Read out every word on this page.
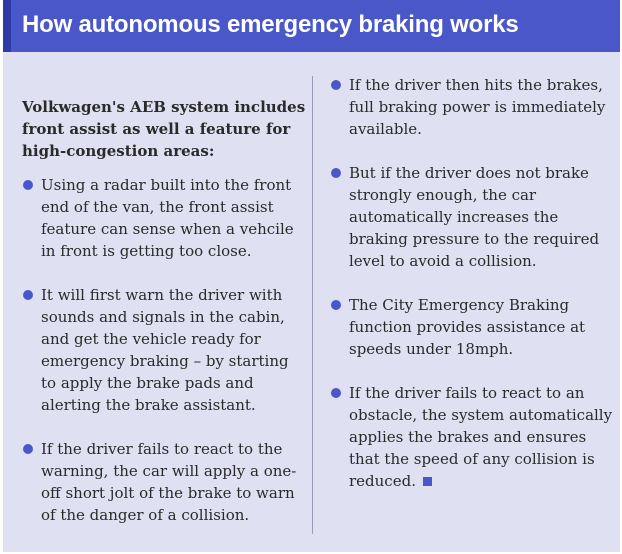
How autonomous emergency braking works

Volkwagen's AEB system includes front assist as well a feature for high-congestion areas:

Using a radar built into the front end of the van, the front assist feature can sense when a vehcile in front is getting too close.
It will first warn the driver with sounds and signals in the cabin, and get the vehicle ready for emergency braking – by starting to apply the brake pads and alerting the brake assistant.
If the driver fails to react to the warning, the car will apply a one-off short jolt of the brake to warn of the danger of a collision.
If the driver then hits the brakes, full braking power is immediately available.
But if the driver does not brake strongly enough, the car automatically increases the braking pressure to the required level to avoid a collision.
The City Emergency Braking function provides assistance at speeds under 18mph.
If the driver fails to react to an obstacle, the system automatically applies the brakes and ensures that the speed of any collision is reduced.
